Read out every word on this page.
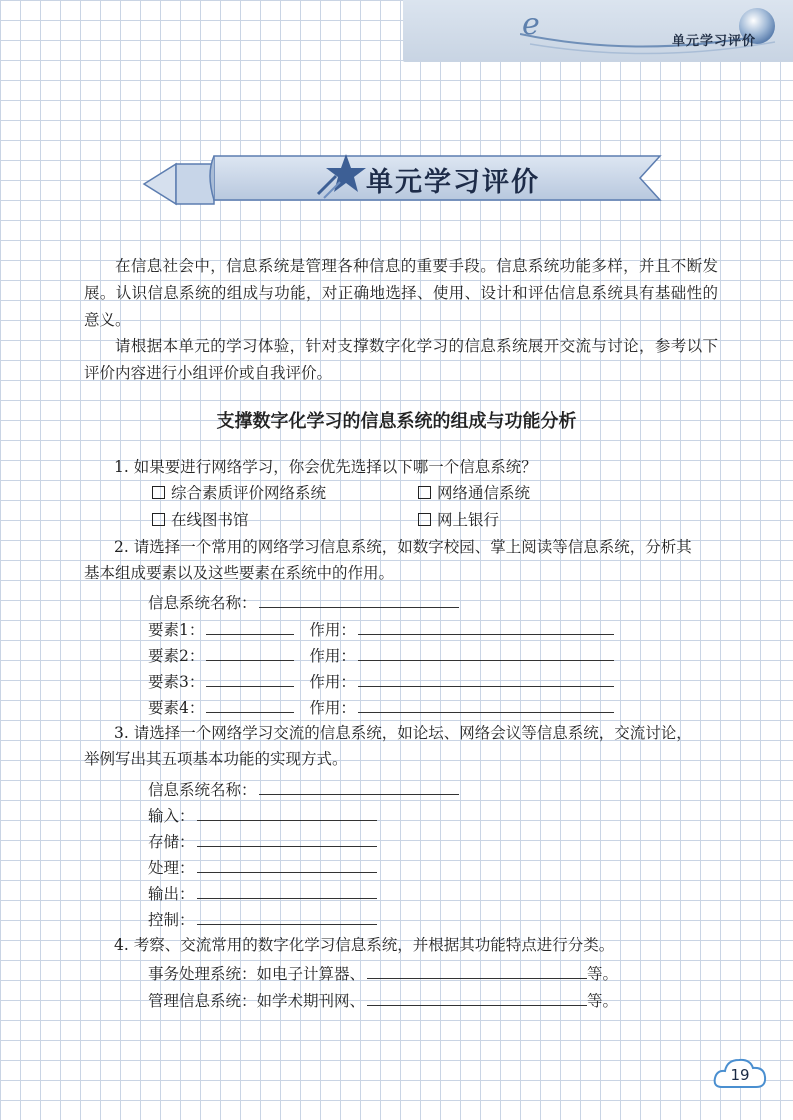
e	单元学习评价
单元学习评价

在信息社会中，信息系统是管理各种信息的重要手段。信息系统功能多样，并且不断发展。认识信息系统的组成与功能，对正确地选择、使用、设计和评估信息系统具有基础性的意义。

请根据本单元的学习体验，针对支撑数字化学习的信息系统展开交流与讨论，参考以下评价内容进行小组评价或自我评价。

支撑数字化学习的信息系统的组成与功能分析
1. 如果要进行网络学习，你会优先选择以下哪一个信息系统？
综合素质评价网络系统	网络通信系统
在线图书馆	网上银行
2. 请选择一个常用的网络学习信息系统，如数字校园、掌上阅读等信息系统，分析其
基本组成要素以及这些要素在系统中的作用。
信息系统名称：
要素1：	作用：
要素2：	作用：
要素3：	作用：
要素4：	作用：
3. 请选择一个网络学习交流的信息系统，如论坛、网络会议等信息系统，交流讨论，
举例写出其五项基本功能的实现方式。
信息系统名称：
输入：
存储：
处理：
输出：
控制：
4. 考察、交流常用的数字化学习信息系统，并根据其功能特点进行分类。
事务处理系统：如电子计算器、	等。
管理信息系统：如学术期刊网、	等。
19
